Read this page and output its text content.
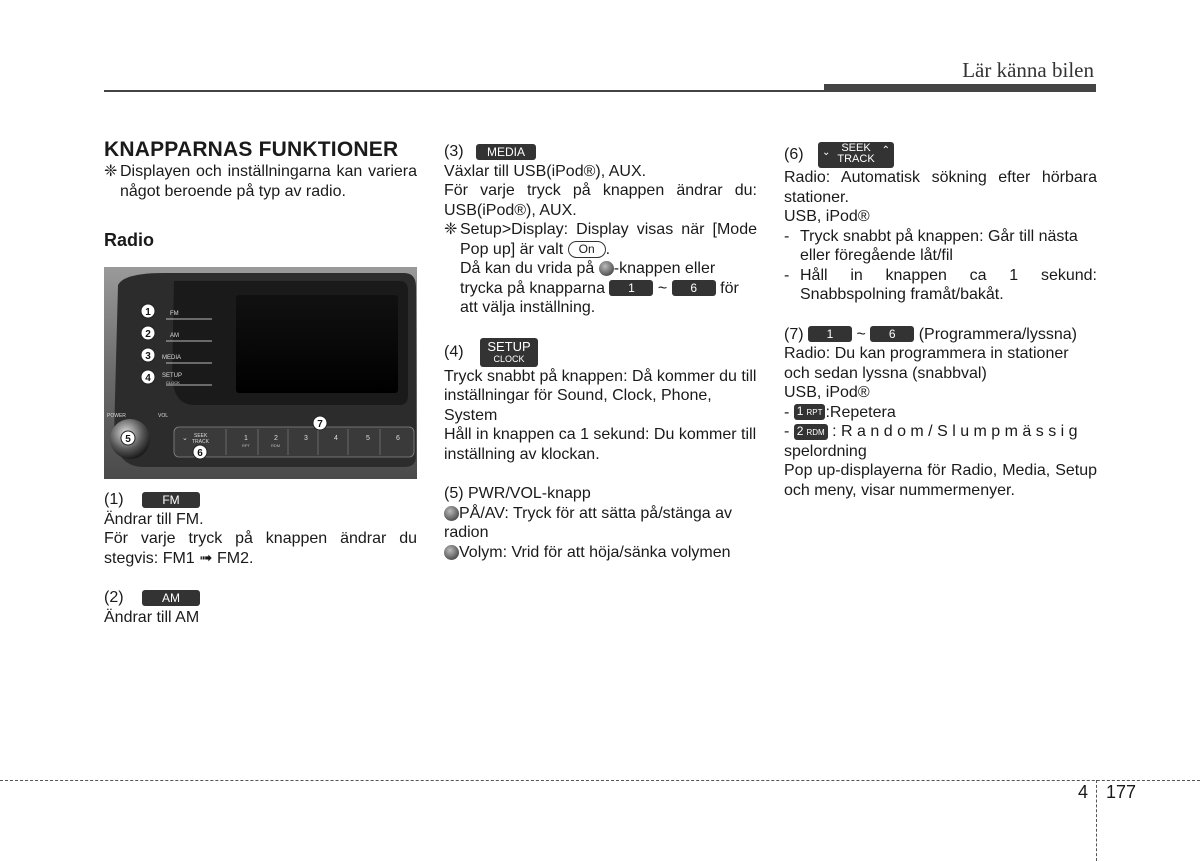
Lär känna bilen
KNAPPARNAS FUNKTIONER
❈ Displayen och inställningarna kan variera något beroende på typ av radio.
Radio
FM
AM
MEDIA
SETUP
CLOCK
POWER	VOL
SEEK
TRACK
⌄	1	2	3	4	5	6
RPT	RDM
1
2
3
4
5
6
7

(1)	FM

Ändrar till FM.

För varje tryck på knappen ändrar du stegvis: FM1 ➟ FM2.

(2)	AM

Ändrar till AM

(3) MEDIA

Växlar till USB(iPod®), AUX.

För varje tryck på knappen ändrar du: USB(iPod®), AUX.

❈ Setup>Display: Display visas när [Mode Pop up] är valt On .

Då kan du vrida på -knappen eller trycka på knapparna 1 ~ 6 för att välja inställning.

(4) SETUP
CLOCK

Tryck snabbt på knappen: Då kommer du till inställningar för Sound, Clock, Phone, System

Håll in knappen ca 1 sekund: Du kommer till inställning av klockan.

(5) PWR/VOL-knapp

PÅ/AV: Tryck för att sätta på/stänga av radion

Volym: Vrid för att höja/sänka volymen

(6) ⌄ SEEK
TRACK
⌃

Radio: Automatisk sökning efter hörbara stationer.

USB, iPod®

- Tryck snabbt på knappen: Går till nästa eller föregående låt/fil
- Håll in knappen ca 1 sekund: Snabbspolning framåt/bakåt.

(7) 1 ~ 6 (Programmera/lyssna)

Radio: Du kan programmera in stationer och sedan lyssna (snabbval)

USB, iPod®

- 1 RPT :Repetera

- 2 RDM : R a n d o m / S l u m p m ä s s i g spelordning

Pop up-displayerna för Radio, Media, Setup och meny, visar nummermenyer.

4 177
